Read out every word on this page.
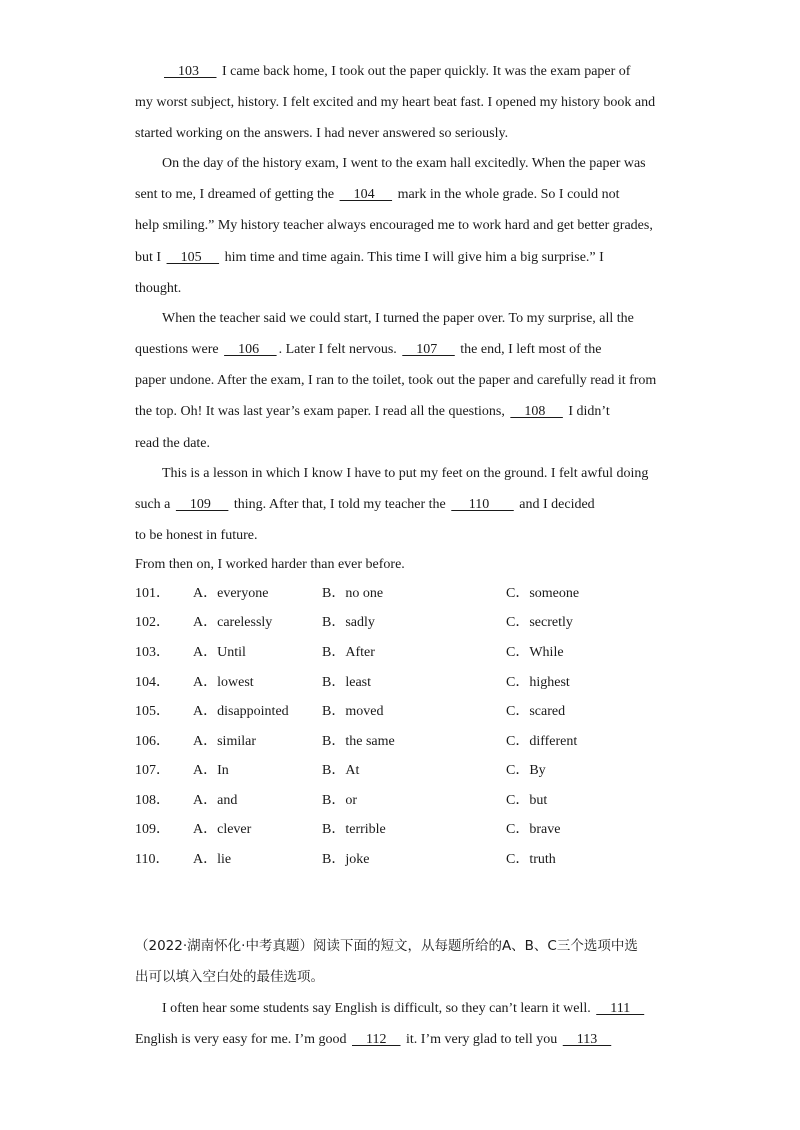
103      I came back home, I took out the paper quickly. It was the exam paper of
my worst subject, history. I felt excited and my heart beat fast. I opened my history book and
started working on the answers. I had never answered so seriously.
On the day of the history exam, I went to the exam hall excitedly. When the paper was
sent to me, I dreamed of getting the     104      mark in the whole grade. So I could not
help smiling.” My history teacher always encouraged me to work hard and get better grades,
but I     105      him time and time again. This time I will give him a big surprise.” I
thought.
When the teacher said we could start, I turned the paper over. To my surprise, all the
questions were     106     . Later I felt nervous.     107      the end, I left most of the
paper undone. After the exam, I ran to the toilet, took out the paper and carefully read it from
the top. Oh! It was last year’s exam paper. I read all the questions,     108      I didn’t
read the date.
This is a lesson in which I know I have to put my feet on the ground. I felt awful doing
such a     109      thing. After that, I told my teacher the      110        and I decided
to be honest in future.
From then on, I worked harder than ever before.
101． A．everyone	B．no one	C．someone
102． A．carelessly	B．sadly	C．secretly
103． A．Until	B．After	C．While
104． A．lowest	B．least	C．highest
105． A．disappointed B．moved	C．scared
106． A．similar	B．the same	C．different
107． A．In	B．At	C．By
108． A．and	B．or	C．but
109． A．clever	B．terrible	C．brave
110． A．lie	B．joke	C．truth
（2022·湖南怀化·中考真题）阅读下面的短文，从每题所给的A、B、C三个选项中选
出可以填入空白处的最佳选项。
I often hear some students say English is difficult, so they can’t learn it well.     111
English is very easy for me. I’m good     112     it. I’m very glad to tell you     113
